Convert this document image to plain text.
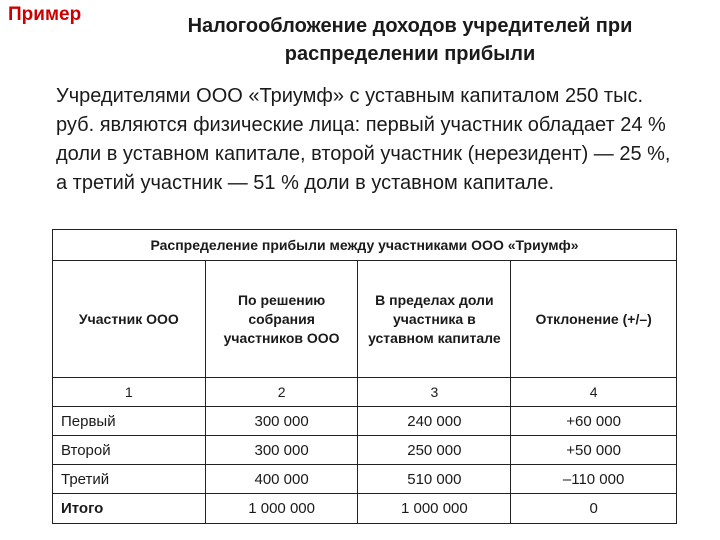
Пример
Налогообложение доходов учредителей при
распределении прибыли
Учредителями ООО «Триумф» с уставным капиталом 250 тыс. руб. являются физические лица: первый участник обладает 24 % доли в уставном капитале, второй участник (нерезидент) — 25 %, а третий участник — 51 % доли в уставном капитале.
Распределение прибыли между участниками ООО «Триумф»			
Участник ООО	По решению собрания участников ООО	В пределах доли участника в уставном капитале	Отклонение (+/–)
1	2	3	4
Первый	300 000	240 000	+60 000
Второй	300 000	250 000	+50 000
Третий	400 000	510 000	–110 000
Итого	1 000 000	1 000 000	0
